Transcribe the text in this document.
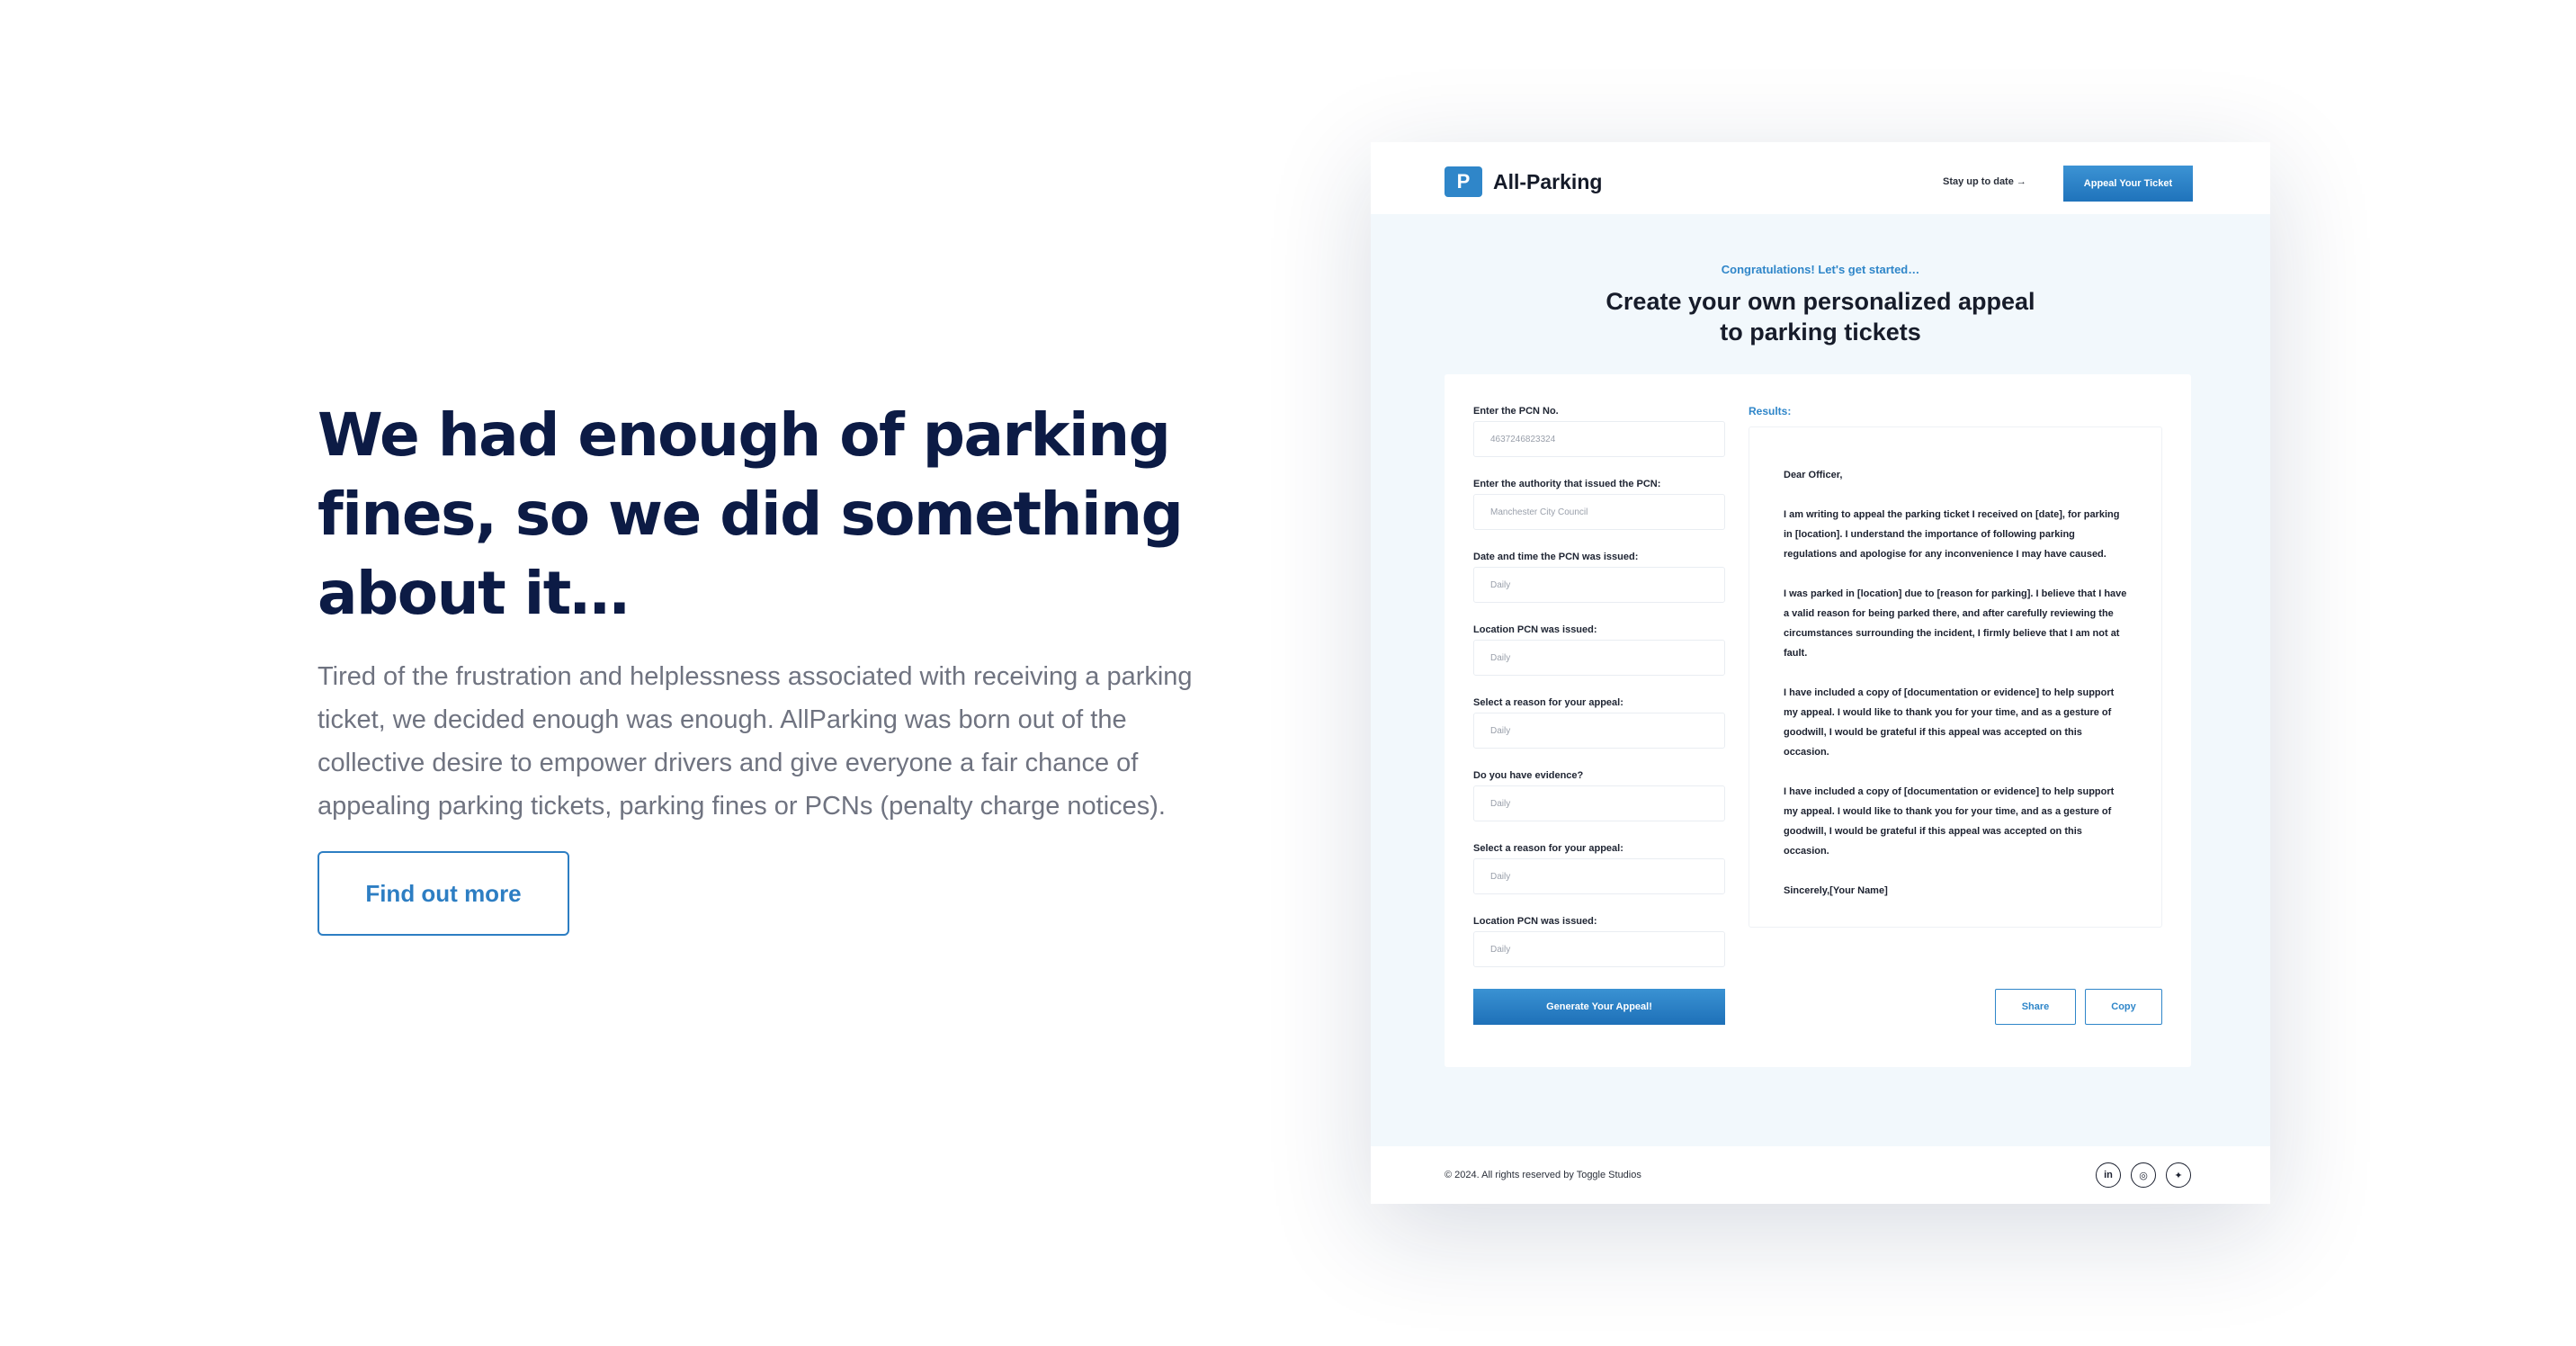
We had enough of parking fines, so we did something about it…

Tired of the frustration and helplessness associated with receiving a parking ticket, we decided enough was enough. AllParking was born out of the collective desire to empower drivers and give everyone a fair chance of appealing parking tickets, parking fines or PCNs (penalty charge notices).

Find out more
P	All-Parking	Stay up to date →	Appeal Your Ticket
Congratulations! Let's get started…
Create your own personalized appeal
to parking tickets
Enter the PCN No.
4637246823324
Enter the authority that issued the PCN:
Manchester City Council
Date and time the PCN was issued:
Daily
Location PCN was issued:
Daily
Select a reason for your appeal:
Daily
Do you have evidence?
Daily
Select a reason for your appeal:
Daily
Location PCN was issued:
Daily
Results:

Dear Officer,

I am writing to appeal the parking ticket I received on [date], for parking in [location]. I understand the importance of following parking regulations and apologise for any inconvenience I may have caused.

I was parked in [location] due to [reason for parking]. I believe that I have a valid reason for being parked there, and after carefully reviewing the circumstances surrounding the incident, I firmly believe that I am not at fault.

I have included a copy of [documentation or evidence] to help support my appeal. I would like to thank you for your time, and as a gesture of goodwill, I would be grateful if this appeal was accepted on this occasion.

I have included a copy of [documentation or evidence] to help support my appeal. I would like to thank you for your time, and as a gesture of goodwill, I would be grateful if this appeal was accepted on this occasion.

Sincerely,[Your Name]

Generate Your Appeal!	Share	Copy
© 2024. All rights reserved by Toggle Studios	in	◎	✦
